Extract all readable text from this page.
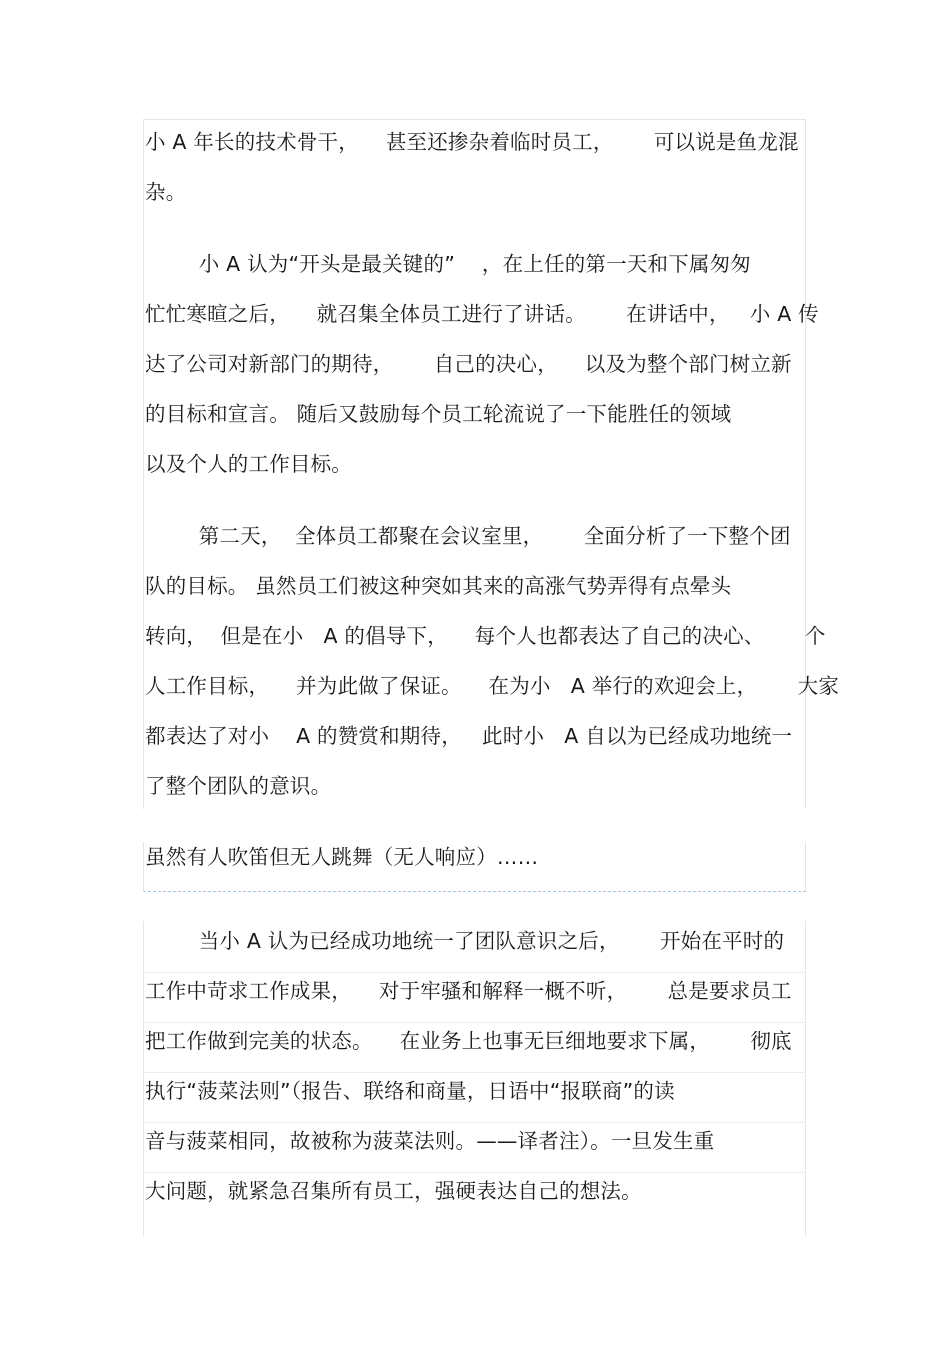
小 A 年长的技术骨干，    甚至还掺杂着临时员工，      可以说是鱼龙混
杂。
小 A 认为“开头是最关键的”    ，在上任的第一天和下属匆匆
忙忙寒暄之后，    就召集全体员工进行了讲话。      在讲话中，   小 A 传
达了公司对新部门的期待，      自己的决心，    以及为整个部门树立新
的目标和宣言。 随后又鼓励每个员工轮流说了一下能胜任的领域
以及个人的工作目标。
第二天，  全体员工都聚在会议室里，      全面分析了一下整个团
队的目标。 虽然员工们被这种突如其来的高涨气势弄得有点晕头
转向，  但是在小   A 的倡导下，    每个人也都表达了自己的决心、      个
人工作目标，    并为此做了保证。    在为小   A 举行的欢迎会上，      大家
都表达了对小    A 的赞赏和期待，   此时小   A 自以为已经成功地统一
了整个团队的意识。
虽然有人吹笛但无人跳舞（无人响应）……
当小 A 认为已经成功地统一了团队意识之后，      开始在平时的
工作中苛求工作成果，    对于牢骚和解释一概不听，      总是要求员工
把工作做到完美的状态。    在业务上也事无巨细地要求下属，      彻底
执行“菠菜法则”（报告、联络和商量，日语中“报联商”的读
音与菠菜相同，故被称为菠菜法则。——译者注）。一旦发生重
大问题，就紧急召集所有员工，强硬表达自己的想法。
